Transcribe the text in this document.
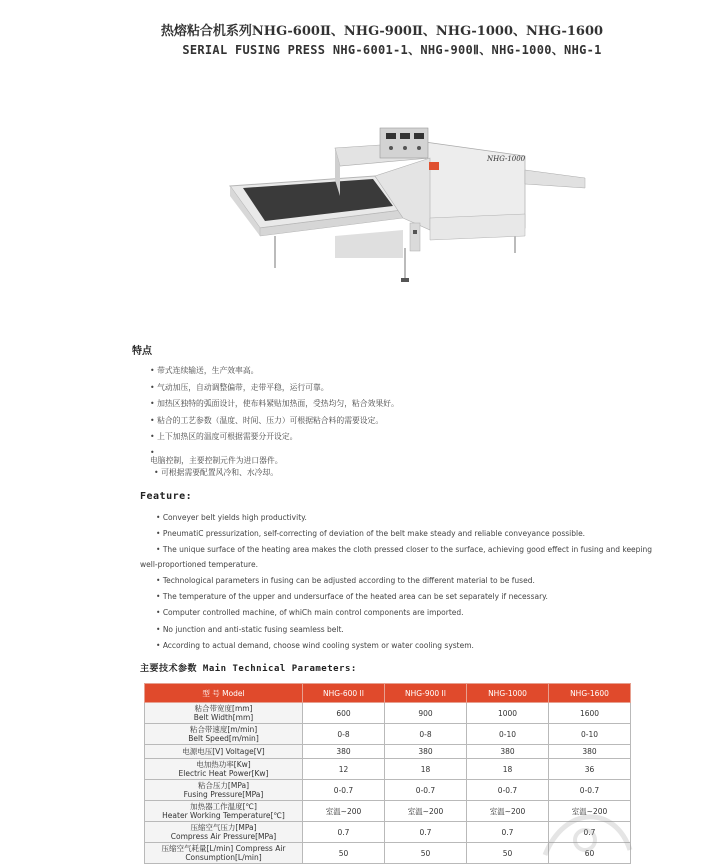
热熔粘合机系列NHG-600Ⅱ、NHG-900Ⅱ、NHG-1000、NHG-1600
SERIAL FUSING PRESS NHG-6001-1、NHG-900Ⅱ、NHG-1000、NHG-1
NHG-1000
特点
• 带式连续输送，生产效率高。
• 气动加压，自动调整偏带，走带平稳，运行可靠。
• 加热区独特的弧面设计，使布料紧贴加热面，受热均匀，粘合效果好。
• 粘合的工艺参数（温度、时间、压力）可根据粘合料的需要设定。
• 上下加热区的温度可根据需要分开设定。
•
电脑控制，主要控制元件为进口器件。
• 可根据需要配置风冷和、水冷却。
Feature:
• Conveyer belt yields high productivity.
• PneumatiC pressurization, self-correcting of deviation of the belt make steady and reliable conveyance possible.
• The unique surface of the heating area makes the cloth pressed closer to the surface, achieving good effect in fusing and keeping
well-proportioned temperature.
• Technological parameters in fusing can be adjusted according to the different material to be fused.
• The temperature of the upper and undersurface of the heated area can be set separately if necessary.
• Computer controlled machine, of whiCh main control components are imported.
• No junction and anti-static fusing seamless belt.
• According to actual demand, choose wind cooling system or water cooling system.
主要技术参数 Main Technical Parameters:
型 号 Model	NHG-600 II	NHG-900 II	NHG-1000	NHG-1600
粘合带宽度[mm]
Belt Width[mm]	600	900	1000	1600
粘合带速度[m/min]
Belt Speed[m/min]	0-8	0-8	0-10	0-10
电源电压[V] Voltage[V]	380	380	380	380
电加热功率[Kw]
Electric Heat Power[Kw]	12	18	18	36
粘合压力[MPa]
Fusing Pressure[MPa]	0-0.7	0-0.7	0-0.7	0-0.7
加热器工作温度[℃]
Heater Working Temperature[℃]	室温~200	室温~200	室温~200	室温~200
压缩空气压力[MPa]
Compress Air Pressure[MPa]	0.7	0.7	0.7	0.7
压缩空气耗量[L/min] Compress Air
Consumption[L/min]	50	50	50	60
